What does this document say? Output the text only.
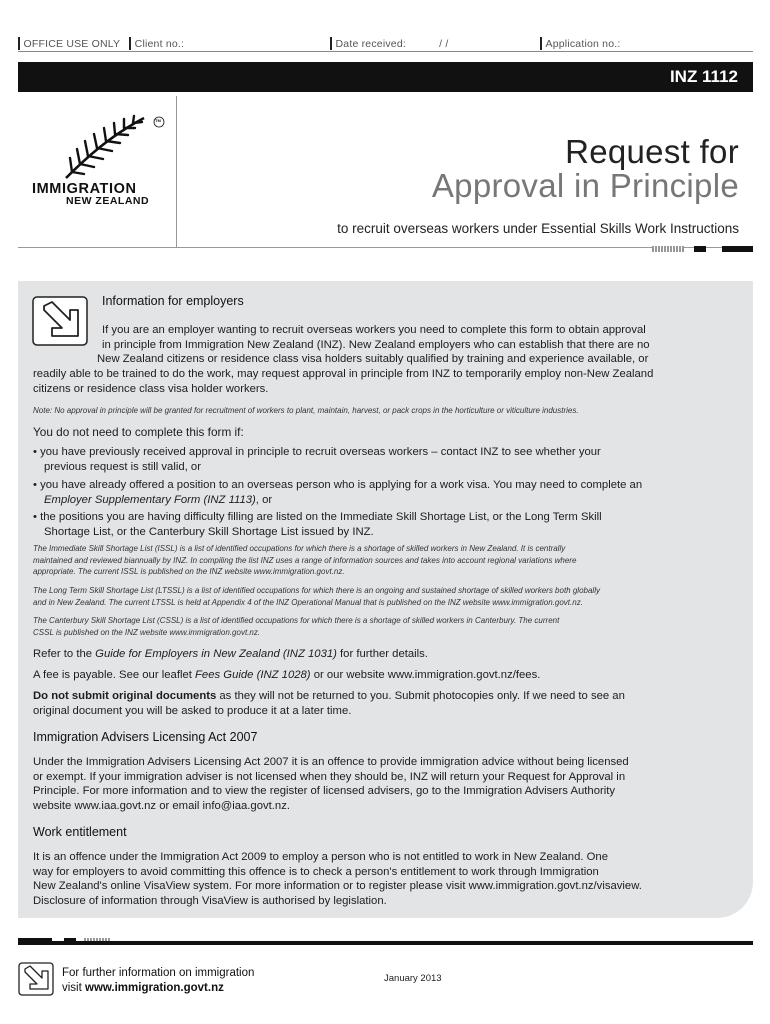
OFFICE USE ONLY Client no.:	Date received:	/ /	Application no.:
INZ 1112
TM
IMMIGRATION
NEW ZEALAND
Request for
Approval in Principle
to recruit overseas workers under Essential Skills Work Instructions
Information for employers
If you are an employer wanting to recruit overseas workers you need to complete this form to obtain approval
in principle from Immigration New Zealand (INZ). New Zealand employers who can establish that there are no
New Zealand citizens or residence class visa holders suitably qualified by training and experience available, or
readily able to be trained to do the work, may request approval in principle from INZ to temporarily employ non-New Zealand
citizens or residence class visa holder workers.
Note: No approval in principle will be granted for recruitment of workers to plant, maintain, harvest, or pack crops in the horticulture or viticulture industries.
You do not need to complete this form if:
• you have previously received approval in principle to recruit overseas workers – contact INZ to see whether your
previous request is still valid, or
• you have already offered a position to an overseas person who is applying for a work visa. You may need to complete an
Employer Supplementary Form (INZ 1113), or
• the positions you are having difficulty filling are listed on the Immediate Skill Shortage List, or the Long Term Skill
Shortage List, or the Canterbury Skill Shortage List issued by INZ.
The Immediate Skill Shortage List (ISSL) is a list of identified occupations for which there is a shortage of skilled workers in New Zealand. It is centrally
maintained and reviewed biannually by INZ. In compiling the list INZ uses a range of information sources and takes into account regional variations where
appropriate. The current ISSL is published on the INZ website www.immigration.govt.nz.
The Long Term Skill Shortage List (LTSSL) is a list of identified occupations for which there is an ongoing and sustained shortage of skilled workers both globally
and in New Zealand. The current LTSSL is held at Appendix 4 of the INZ Operational Manual that is published on the INZ website www.immigration.govt.nz.
The Canterbury Skill Shortage List (CSSL) is a list of identified occupations for which there is a shortage of skilled workers in Canterbury. The current
CSSL is published on the INZ website www.immigration.govt.nz.
Refer to the Guide for Employers in New Zealand (INZ 1031) for further details.
A fee is payable. See our leaflet Fees Guide (INZ 1028) or our website www.immigration.govt.nz/fees.
Do not submit original documents as they will not be returned to you. Submit photocopies only. If we need to see an
original document you will be asked to produce it at a later time.
Immigration Advisers Licensing Act 2007
Under the Immigration Advisers Licensing Act 2007 it is an offence to provide immigration advice without being licensed
or exempt. If your immigration adviser is not licensed when they should be, INZ will return your Request for Approval in
Principle. For more information and to view the register of licensed advisers, go to the Immigration Advisers Authority
website www.iaa.govt.nz or email info@iaa.govt.nz.
Work entitlement
It is an offence under the Immigration Act 2009 to employ a person who is not entitled to work in New Zealand. One
way for employers to avoid committing this offence is to check a person's entitlement to work through Immigration
New Zealand's online VisaView system. For more information or to register please visit www.immigration.govt.nz/visaview.
Disclosure of information through VisaView is authorised by legislation.
For further information on immigration
visit www.immigration.govt.nz
January 2013
